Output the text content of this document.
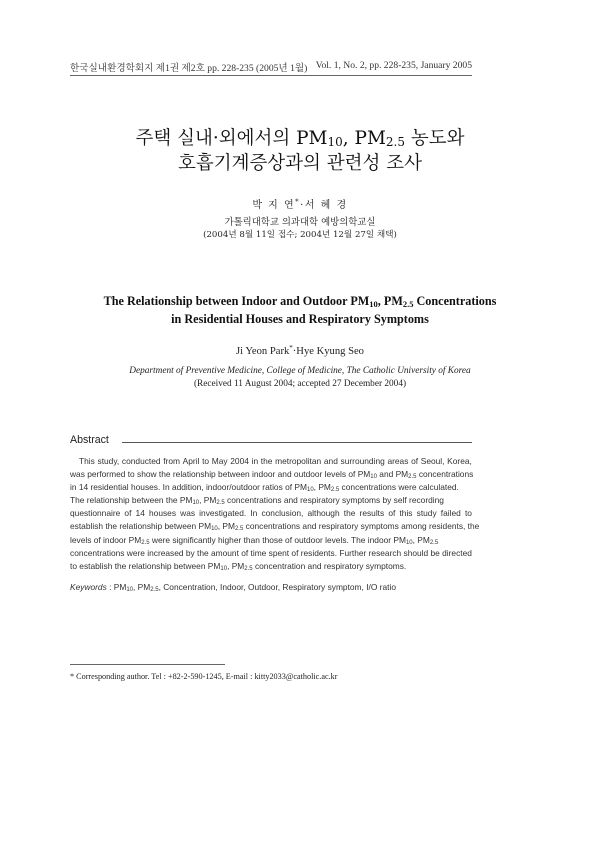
한국실내환경학회지 제1권 제2호 pp. 228-235 (2005년 1월) Vol. 1, No. 2, pp. 228-235, January 2005
주택 실내·외에서의 $PM_{10}$, $PM_{2.5}$ 농도와
호흡기계증상과의 관련성 조사
박 지 연*·서 혜 경
가톨릭대학교 의과대학 예방의학교실
(2004년 8월 11일 접수; 2004년 12월 27일 채택)
The Relationship between Indoor and Outdoor $PM_{10}$, $PM_{2.5}$ Concentrations
in Residential Houses and Respiratory Symptoms
Ji Yeon Park*·Hye Kyung Seo
Department of Preventive Medicine, College of Medicine, The Catholic University of Korea
(Received 11 August 2004; accepted 27 December 2004)
Abstract
This study, conducted from April to May 2004 in the metropolitan and surrounding areas of Seoul, Korea,
was performed to show the relationship between indoor and outdoor levels of $PM_{10}$ and $PM_{2.5}$ concentrations
in 14 residential houses. In addition, indoor/outdoor ratios of $PM_{10}$, $PM_{2.5}$ concentrations were calculated.
The relationship between the $PM_{10}$, $PM_{2.5}$ concentrations and respiratory symptoms by self recording
questionnaire of 14 houses was investigated. In conclusion, although the results of this study failed to
establish the relationship between $PM_{10}$, $PM_{2.5}$ concentrations and respiratory symptoms among residents, the
levels of indoor $PM_{2.5}$ were significantly higher than those of outdoor levels. The indoor $PM_{10}$, $PM_{2.5}$
concentrations were increased by the amount of time spent of residents. Further research should be directed
to establish the relationship between $PM_{10}$, $PM_{2.5}$ concentration and respiratory symptoms.
Keywords : $PM_{10}$, $PM_{2.5}$, Concentration, Indoor, Outdoor, Respiratory symptom, I/O ratio
* Corresponding author. Tel : +82-2-590-1245, E-mail : kitty2033@catholic.ac.kr
